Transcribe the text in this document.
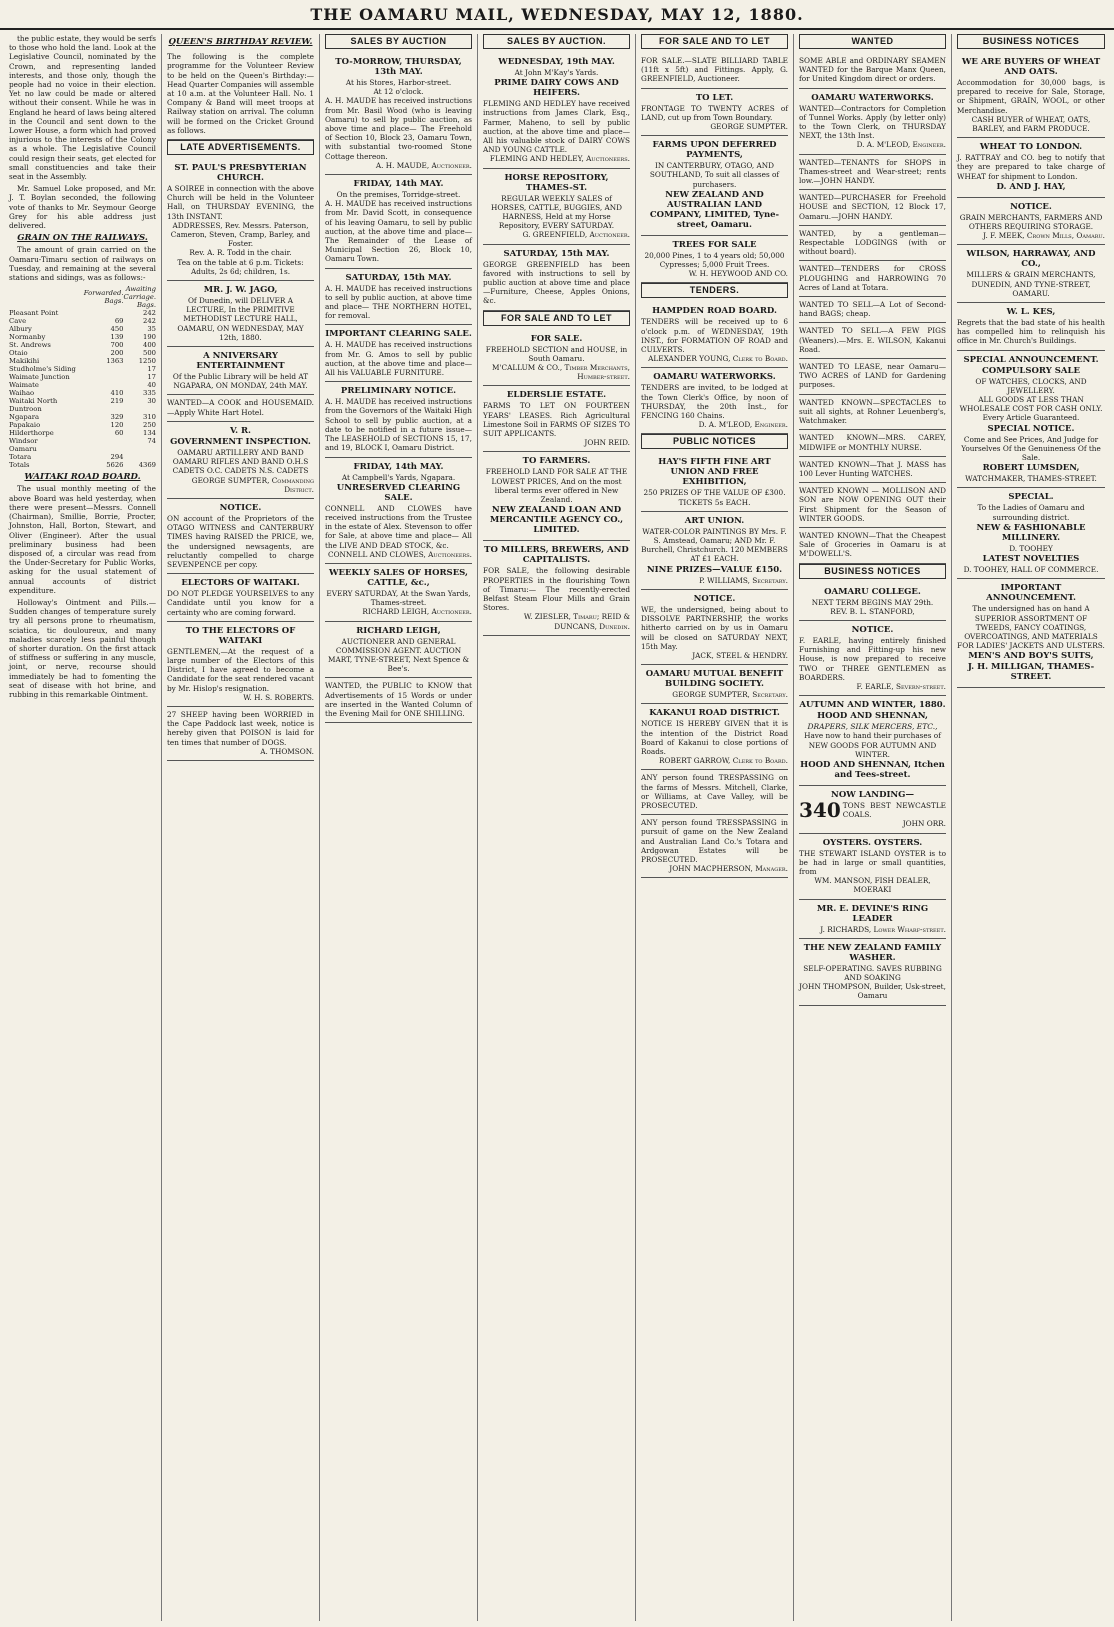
THE OAMARU MAIL, WEDNESDAY, MAY 12, 1880.

the public estate, they would be serfs to those who hold the land. Look at the Legislative Council, nominated by the Crown, and representing landed interests, and those only, though the people had no voice in their election. Yet no law could be made or altered without their consent. While he was in England he heard of laws being altered in the Council and sent down to the Lower House, a form which had proved injurious to the interests of the Colony as a whole. The Legislative Council could resign their seats, get elected for small constituencies and take their seat in the Assembly.

Mr. Samuel Loke proposed, and Mr. J. T. Boylan seconded, the following vote of thanks to Mr. Seymour George Grey for his able address just delivered.

GRAIN ON THE RAILWAYS.

The amount of grain carried on the Oamaru-Timaru section of railways on Tuesday, and remaining at the several stations and sidings, was as follows:-

	Forwarded. Bags.	Awaiting Carriage. Bags.
Pleasant Point		242
Cave	69	242
Albury	450	35
Normanby	139	190
St. Andrews	700	400
Otaio	200	500
Makikihi	1363	1250
Studholme's Siding		17
Waimate Junction		17
Waimate		40
Waihao	410	335
Waitaki North	219	30
Duntroon		
Ngapara	329	310
Papakaio	120	250
Hilderthorpe	60	134
Windsor		74
Oamaru		
Totara	294	
Totals	5626	4369
WAITAKI ROAD BOARD.

The usual monthly meeting of the above Board was held yesterday, when there were present—Messrs. Connell (Chairman), Smillie, Borrie, Procter, Johnston, Hall, Borton, Stewart, and Oliver (Engineer). After the usual preliminary business had been disposed of, a circular was read from the Under-Secretary for Public Works, asking for the usual statement of annual accounts of district expenditure.

Holloway's Ointment and Pills.—Sudden changes of temperature surely try all persons prone to rheumatism, sciatica, tic douloureux, and many maladies scarcely less painful though of shorter duration. On the first attack of stiffness or suffering in any muscle, joint, or nerve, recourse should immediately be had to fomenting the seat of disease with hot brine, and rubbing in this remarkable Ointment.

QUEEN'S BIRTHDAY REVIEW.
The following is the complete programme for the Volunteer Review to be held on the Queen's Birthday:— Head Quarter Companies will assemble at 10 a.m. at the Volunteer Hall. No. 1 Company & Band will meet troops at Railway station on arrival. The column will be formed on the Cricket Ground as follows.
LATE ADVERTISEMENTS.
ST. PAUL'S PRESBYTERIAN CHURCH.
A SOIREE in connection with the above Church will be held in the Volunteer Hall, on THURSDAY EVENING, the 13th INSTANT.
ADDRESSES, Rev. Messrs. Paterson, Cameron, Steven, Cramp, Barley, and Foster.
Rev. A. R. Todd in the chair.
Tea on the table at 6 p.m. Tickets: Adults, 2s 6d; children, 1s.
MR. J. W. JAGO,
Of Dunedin, will DELIVER A LECTURE, In the PRIMITIVE METHODIST LECTURE HALL, OAMARU, ON WEDNESDAY, MAY 12th, 1880.
A NNIVERSARY ENTERTAINMENT
Of the Public Library will be held AT NGAPARA, ON MONDAY, 24th MAY.
WANTED—A COOK and HOUSEMAID.—Apply White Hart Hotel.
V. R.
GOVERNMENT INSPECTION.
OAMARU ARTILLERY AND BAND OAMARU RIFLES AND BAND O.H.S CADETS O.C. CADETS N.S. CADETS
GEORGE SUMPTER, Commanding District.
NOTICE.
ON account of the Proprietors of the OTAGO WITNESS and CANTERBURY TIMES having RAISED the PRICE, we, the undersigned newsagents, are reluctantly compelled to charge SEVENPENCE per copy.
ELECTORS OF WAITAKI.
DO NOT PLEDGE YOURSELVES to any Candidate until you know for a certainty who are coming forward.
TO THE ELECTORS OF WAITAKI
GENTLEMEN,—At the request of a large number of the Electors of this District, I have agreed to become a Candidate for the seat rendered vacant by Mr. Hislop's resignation.
W. H. S. ROBERTS.
27 SHEEP having been WORRIED in the Cape Paddock last week, notice is hereby given that POISON is laid for ten times that number of DOGS.
A. THOMSON.
SALES BY AUCTION
TO-MORROW, THURSDAY, 13th MAY.
At his Stores, Harbor-street.
At 12 o'clock.
A. H. MAUDE has received instructions from Mr. Basil Wood (who is leaving Oamaru) to sell by public auction, as above time and place— The Freehold of Section 10, Block 23, Oamaru Town, with substantial two-roomed Stone Cottage thereon.
A. H. MAUDE, Auctioneer.
FRIDAY, 14th MAY.
On the premises, Torridge-street.
A. H. MAUDE has received instructions from Mr. David Scott, in consequence of his leaving Oamaru, to sell by public auction, at the above time and place— The Remainder of the Lease of Municipal Section 26, Block 10, Oamaru Town.
SATURDAY, 15th MAY.
A. H. MAUDE has received instructions to sell by public auction, at above time and place— THE NORTHERN HOTEL, for removal.
IMPORTANT CLEARING SALE.
A. H. MAUDE has received instructions from Mr. G. Amos to sell by public auction, at the above time and place— All his VALUABLE FURNITURE.
PRELIMINARY NOTICE.
A. H. MAUDE has received instructions from the Governors of the Waitaki High School to sell by public auction, at a date to be notified in a future issue— The LEASEHOLD of SECTIONS 15, 17, and 19, BLOCK I, Oamaru District.
FRIDAY, 14th MAY.
At Campbell's Yards, Ngapara.
UNRESERVED CLEARING SALE.
CONNELL AND CLOWES have received instructions from the Trustee in the estate of Alex. Stevenson to offer for Sale, at above time and place— All the LIVE AND DEAD STOCK, &c.
CONNELL AND CLOWES, Auctioneers.
WEEKLY SALES OF HORSES, CATTLE, &c.,
EVERY SATURDAY, At the Swan Yards, Thames-street.
RICHARD LEIGH, Auctioneer.
RICHARD LEIGH,
AUCTIONEER AND GENERAL COMMISSION AGENT. AUCTION MART, TYNE-STREET, Next Spence & Bee's.
WANTED, the PUBLIC to KNOW that Advertisements of 15 Words or under are inserted in the Wanted Column of the Evening Mail for ONE SHILLING.
SALES BY AUCTION.
WEDNESDAY, 19th MAY.
At John M'Kay's Yards.
PRIME DAIRY COWS AND HEIFERS.
FLEMING AND HEDLEY have received instructions from James Clark, Esq., Farmer, Maheno, to sell by public auction, at the above time and place—All his valuable stock of DAIRY COWS AND YOUNG CATTLE.
FLEMING AND HEDLEY, Auctioneers.
HORSE REPOSITORY, THAMES-ST.
REGULAR WEEKLY SALES of HORSES, CATTLE, BUGGIES, AND HARNESS, Held at my Horse Repository, EVERY SATURDAY.
G. GREENFIELD, Auctioneer.
SATURDAY, 15th MAY.
GEORGE GREENFIELD has been favored with instructions to sell by public auction at above time and place—Furniture, Cheese, Apples Onions, &c.
FOR SALE AND TO LET
FOR SALE.
FREEHOLD SECTION and HOUSE, in South Oamaru.
M'CALLUM & CO., Timber Merchants, Humber-street.
ELDERSLIE ESTATE.
FARMS TO LET ON FOURTEEN YEARS' LEASES. Rich Agricultural Limestone Soil in FARMS OF SIZES TO SUIT APPLICANTS.
JOHN REID.
TO FARMERS.
FREEHOLD LAND FOR SALE AT THE LOWEST PRICES, And on the most liberal terms ever offered in New Zealand.
NEW ZEALAND LOAN AND MERCANTILE AGENCY CO., LIMITED.
TO MILLERS, BREWERS, AND CAPITALISTS.
FOR SALE, the following desirable PROPERTIES in the flourishing Town of Timaru:— The recently-erected Belfast Steam Flour Mills and Grain Stores.
W. ZIESLER, Timaru; REID & DUNCANS, Dunedin.
FOR SALE AND TO LET
FOR SALE.—SLATE BILLIARD TABLE (11ft x 5ft) and Fittings. Apply, G. GREENFIELD, Auctioneer.
TO LET.
FRONTAGE TO TWENTY ACRES of LAND, cut up from Town Boundary.
GEORGE SUMPTER.
FARMS UPON DEFERRED PAYMENTS,
IN CANTERBURY, OTAGO, AND SOUTHLAND, To suit all classes of purchasers.
NEW ZEALAND AND AUSTRALIAN LAND COMPANY, LIMITED, Tyne-street, Oamaru.
TREES FOR SALE
20,000 Pines, 1 to 4 years old; 50,000 Cypresses; 5,000 Fruit Trees.
W. H. HEYWOOD AND CO.
TENDERS.
HAMPDEN ROAD BOARD.
TENDERS will be received up to 6 o'clock p.m. of WEDNESDAY, 19th INST., for FORMATION OF ROAD and CULVERTS.
ALEXANDER YOUNG, Clerk to Board.
OAMARU WATERWORKS.
TENDERS are invited, to be lodged at the Town Clerk's Office, by noon of THURSDAY, the 20th Inst., for FENCING 160 Chains.
D. A. M'LEOD, Engineer.
PUBLIC NOTICES
HAY'S FIFTH FINE ART UNION AND FREE EXHIBITION,
250 PRIZES OF THE VALUE OF £300. TICKETS 5s EACH.
ART UNION.
WATER-COLOR PAINTINGS BY Mrs. F. S. Amstead, Oamaru; AND Mr. F. Burchell, Christchurch. 120 MEMBERS AT £1 EACH.
NINE PRIZES—VALUE £150.
P. WILLIAMS, Secretary.
NOTICE.
WE, the undersigned, being about to DISSOLVE PARTNERSHIP, the works hitherto carried on by us in Oamaru will be closed on SATURDAY NEXT, 15th May.
JACK, STEEL & HENDRY.
OAMARU MUTUAL BENEFIT BUILDING SOCIETY.
GEORGE SUMPTER, Secretary.
KAKANUI ROAD DISTRICT.
NOTICE IS HEREBY GIVEN that it is the intention of the District Road Board of Kakanui to close portions of Roads.
ROBERT GARROW, Clerk to Board.
ANY person found TRESPASSING on the farms of Messrs. Mitchell, Clarke, or Williams, at Cave Valley, will be PROSECUTED.
ANY person found TRESSPASSING in pursuit of game on the New Zealand and Australian Land Co.'s Totara and Ardgowan Estates will be PROSECUTED.
JOHN MACPHERSON, Manager.
WANTED
SOME ABLE and ORDINARY SEAMEN WANTED for the Barque Manx Queen, for United Kingdom direct or orders.
OAMARU WATERWORKS.
WANTED—Contractors for Completion of Tunnel Works. Apply (by letter only) to the Town Clerk, on THURSDAY NEXT, the 13th Inst.
D. A. M'LEOD, Engineer.
WANTED—TENANTS for SHOPS in Thames-street and Wear-street; rents low.—JOHN HANDY.
WANTED—PURCHASER for Freehold HOUSE and SECTION, 12 Block 17, Oamaru.—JOHN HANDY.
WANTED, by a gentleman—Respectable LODGINGS (with or without board).
WANTED—TENDERS for CROSS PLOUGHING and HARROWING 70 Acres of Land at Totara.
WANTED TO SELL—A Lot of Second-hand BAGS; cheap.
WANTED TO SELL—A FEW PIGS (Weaners).—Mrs. E. WILSON, Kakanui Road.
WANTED TO LEASE, near Oamaru—TWO ACRES of LAND for Gardening purposes.
WANTED KNOWN—SPECTACLES to suit all sights, at Rohner Leuenberg's, Watchmaker.
WANTED KNOWN—MRS. CAREY, MIDWIFE or MONTHLY NURSE.
WANTED KNOWN—That J. MASS has 100 Lever Hunting WATCHES.
WANTED KNOWN — MOLLISON AND SON are NOW OPENING OUT their First Shipment for the Season of WINTER GOODS.
WANTED KNOWN—That the Cheapest Sale of Groceries in Oamaru is at M'DOWELL'S.
BUSINESS NOTICES
OAMARU COLLEGE.
NEXT TERM BEGINS MAY 29th.
REV. B. L. STANFORD,
NOTICE.
F. EARLE, having entirely finished Furnishing and Fitting-up his new House, is now prepared to receive TWO or THREE GENTLEMEN as BOARDERS.
F. EARLE, Severn-street.
AUTUMN AND WINTER, 1880.
HOOD AND SHENNAN,
DRAPERS, SILK MERCERS, ETC.,
Have now to hand their purchases of NEW GOODS FOR AUTUMN AND WINTER.
HOOD AND SHENNAN, Itchen and Tees-street.
NOW LANDING—
340 TONS BEST NEWCASTLE COALS.
JOHN ORR.
OYSTERS. OYSTERS.
THE STEWART ISLAND OYSTER is to be had in large or small quantities, from
WM. MANSON, FISH DEALER, MOERAKI
MR. E. DEVINE'S RING LEADER
J. RICHARDS, Lower Wharf-street.
THE NEW ZEALAND FAMILY WASHER.
SELF-OPERATING. SAVES RUBBING AND SOAKING
JOHN THOMPSON, Builder, Usk-street, Oamaru
BUSINESS NOTICES
WE ARE BUYERS OF WHEAT AND OATS.
Accommodation for 30,000 bags, is prepared to receive for Sale, Storage, or Shipment, GRAIN, WOOL, or other Merchandise.
CASH BUYER of WHEAT, OATS, BARLEY, and FARM PRODUCE.
WHEAT TO LONDON.
J. RATTRAY and CO. beg to notify that they are prepared to take charge of WHEAT for shipment to London.
D. AND J. HAY,
NOTICE.
GRAIN MERCHANTS, FARMERS AND OTHERS REQUIRING STORAGE.
J. F. MEEK, Crown Mills, Oamaru.
WILSON, HARRAWAY, AND CO.,
MILLERS & GRAIN MERCHANTS, DUNEDIN, AND TYNE-STREET, OAMARU.
W. L. KES,
Regrets that the bad state of his health has compelled him to relinquish his office in Mr. Church's Buildings.
SPECIAL ANNOUNCEMENT.
COMPULSORY SALE
OF WATCHES, CLOCKS, AND JEWELLERY.
ALL GOODS AT LESS THAN WHOLESALE COST FOR CASH ONLY.
Every Article Guaranteed.
SPECIAL NOTICE.
Come and See Prices, And Judge for Yourselves Of the Genuineness Of the Sale.
ROBERT LUMSDEN,
WATCHMAKER, THAMES-STREET.
SPECIAL.
To the Ladies of Oamaru and surrounding district.
NEW & FASHIONABLE MILLINERY.
D. TOOHEY
LATEST NOVELTIES
D. TOOHEY, HALL OF COMMERCE.
IMPORTANT ANNOUNCEMENT.
The undersigned has on hand A SUPERIOR ASSORTMENT OF TWEEDS, FANCY COATINGS, OVERCOATINGS, AND MATERIALS FOR LADIES' JACKETS AND ULSTERS.
MEN'S AND BOY'S SUITS,
J. H. MILLIGAN, THAMES-STREET.
